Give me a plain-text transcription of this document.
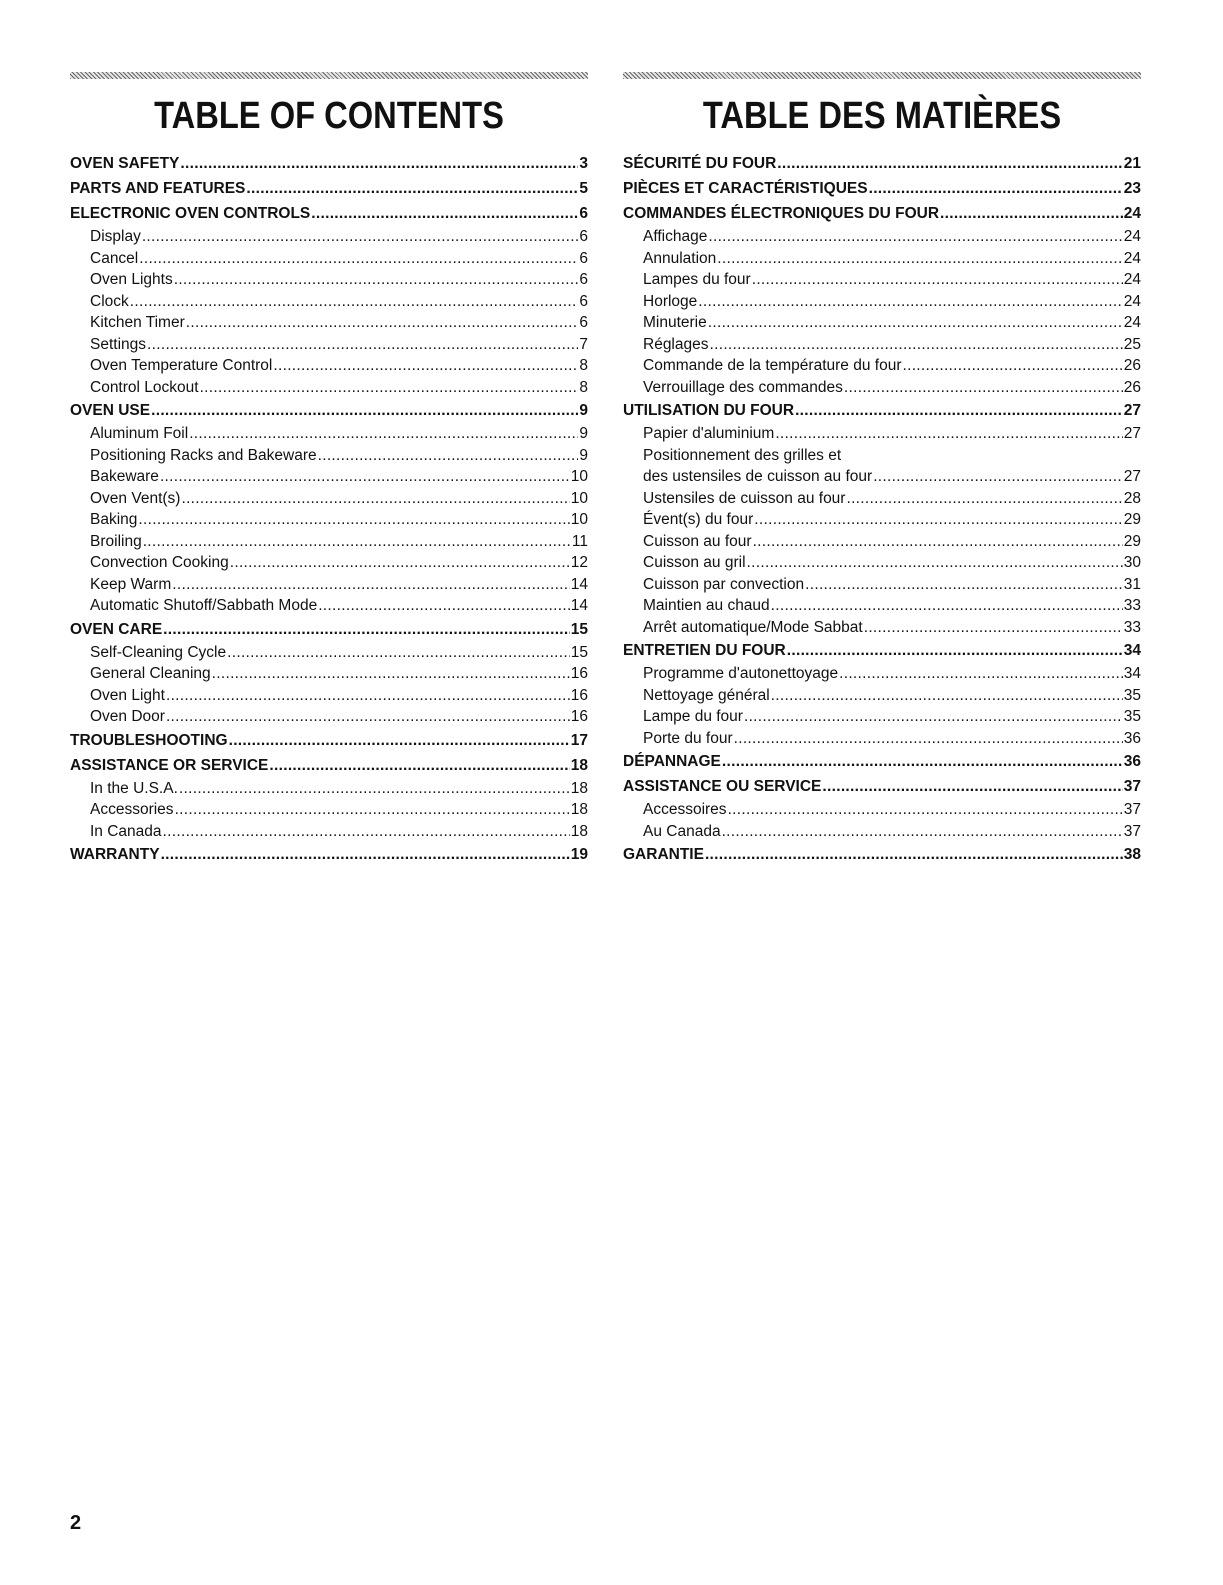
TABLE OF CONTENTS
OVEN SAFETY .....	3
PARTS AND FEATURES .....	5
ELECTRONIC OVEN CONTROLS .....	6
Display .....	6
Cancel .....	6
Oven Lights .....	6
Clock .....	6
Kitchen Timer .....	6
Settings .....	7
Oven Temperature Control .....	8
Control Lockout .....	8
OVEN USE .....	9
Aluminum Foil .....	9
Positioning Racks and Bakeware .....	9
Bakeware .....	10
Oven Vent(s) .....	10
Baking .....	10
Broiling .....	11
Convection Cooking .....	12
Keep Warm .....	14
Automatic Shutoff/Sabbath Mode .....	14
OVEN CARE .....	15
Self-Cleaning Cycle .....	15
General Cleaning .....	16
Oven Light .....	16
Oven Door .....	16
TROUBLESHOOTING .....	17
ASSISTANCE OR SERVICE .....	18
In the U.S.A. .....	18
Accessories .....	18
In Canada .....	18
WARRANTY .....	19
TABLE DES MATIÈRES
SÉCURITÉ DU FOUR .....	21
PIÈCES ET CARACTÉRISTIQUES .....	23
COMMANDES ÉLECTRONIQUES DU FOUR .....	24
Affichage .....	24
Annulation .....	24
Lampes du four .....	24
Horloge .....	24
Minuterie .....	24
Réglages .....	25
Commande de la température du four .....	26
Verrouillage des commandes .....	26
UTILISATION DU FOUR .....	27
Papier d'aluminium .....	27
Positionnement des grilles et
des ustensiles de cuisson au four .....	27
Ustensiles de cuisson au four .....	28
Évent(s) du four .....	29
Cuisson au four .....	29
Cuisson au gril .....	30
Cuisson par convection .....	31
Maintien au chaud .....	33
Arrêt automatique/Mode Sabbat .....	33
ENTRETIEN DU FOUR .....	34
Programme d'autonettoyage .....	34
Nettoyage général .....	35
Lampe du four .....	35
Porte du four .....	36
DÉPANNAGE .....	36
ASSISTANCE OU SERVICE .....	37
Accessoires .....	37
Au Canada .....	37
GARANTIE .....	38
2
